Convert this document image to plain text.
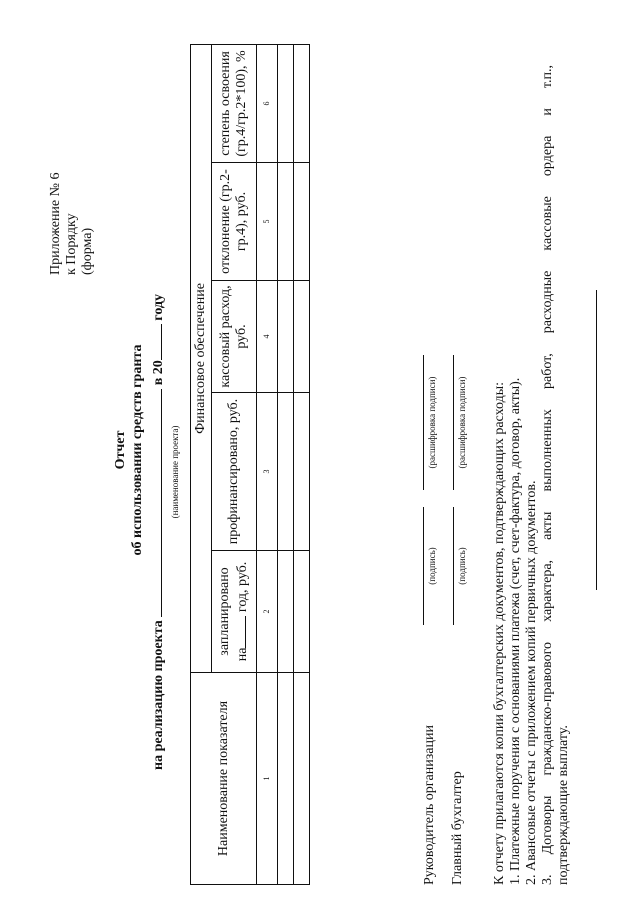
Приложение № 6 к Порядку (форма)
Отчет об использовании средств гранта
на реализацию проекта  в 20 году
(наименование проекта)
Наименование показателя	Финансовое обеспечение				
	запланировано на год, руб.	профинансировано, руб.	кассовый расход, руб.	отклонение (гр.2-гр.4), руб.	степень освоения (гр.4/гр.2*100), %
1	2	3	4	5	6

Руководитель организации
(подпись)
(расшифровка подписи)
Главный бухгалтер
(подпись)
(расшифровка подписи) К отчету прилагаются копии бухгалтерских документов, подтверждающих расходы: 1. Платежные поручения с основаниями платежа (счет, счет-фактура, договор, акты). 2. Авансовые отчеты с приложением копий первичных документов. 3. Договоры гражданско-правового характера, акты выполненных работ, расходные кассовые ордера и т.п., подтверждающие выплату.
